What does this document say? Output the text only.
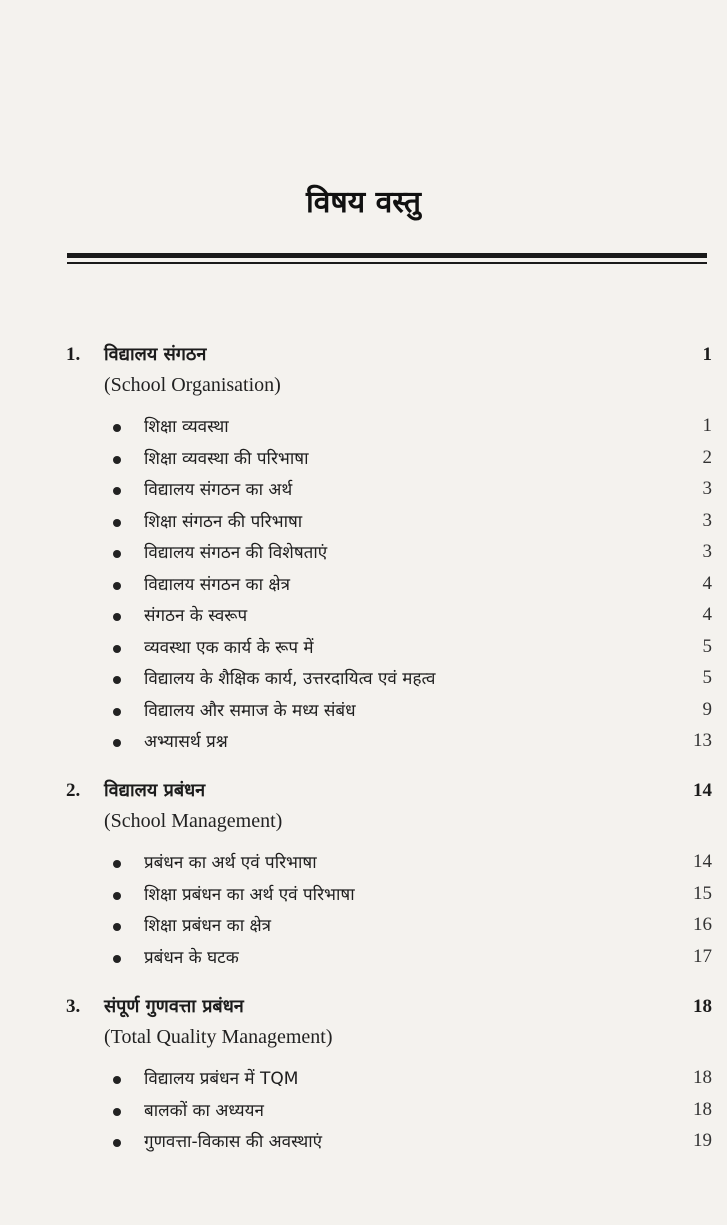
विषय वस्तु
1.	विद्यालय संगठन	1
(School Organisation)
शिक्षा व्यवस्था	1
शिक्षा व्यवस्था की परिभाषा	2
विद्यालय संगठन का अर्थ	3
शिक्षा संगठन की परिभाषा	3
विद्यालय संगठन की विशेषताएं	3
विद्यालय संगठन का क्षेत्र	4
संगठन के स्वरूप	4
व्यवस्था एक कार्य के रूप में	5
विद्यालय के शैक्षिक कार्य, उत्तरदायित्व एवं महत्व	5
विद्यालय और समाज के मध्य संबंध	9
अभ्यासर्थ प्रश्न	13
2.	विद्यालय प्रबंधन	14
(School Management)
प्रबंधन का अर्थ एवं परिभाषा	14
शिक्षा प्रबंधन का अर्थ एवं परिभाषा	15
शिक्षा प्रबंधन का क्षेत्र	16
प्रबंधन के घटक	17
3.	संपूर्ण गुणवत्ता प्रबंधन	18
(Total Quality Management)
विद्यालय प्रबंधन में TQM	18
बालकों का अध्ययन	18
गुणवत्ता-विकास की अवस्थाएं	19
